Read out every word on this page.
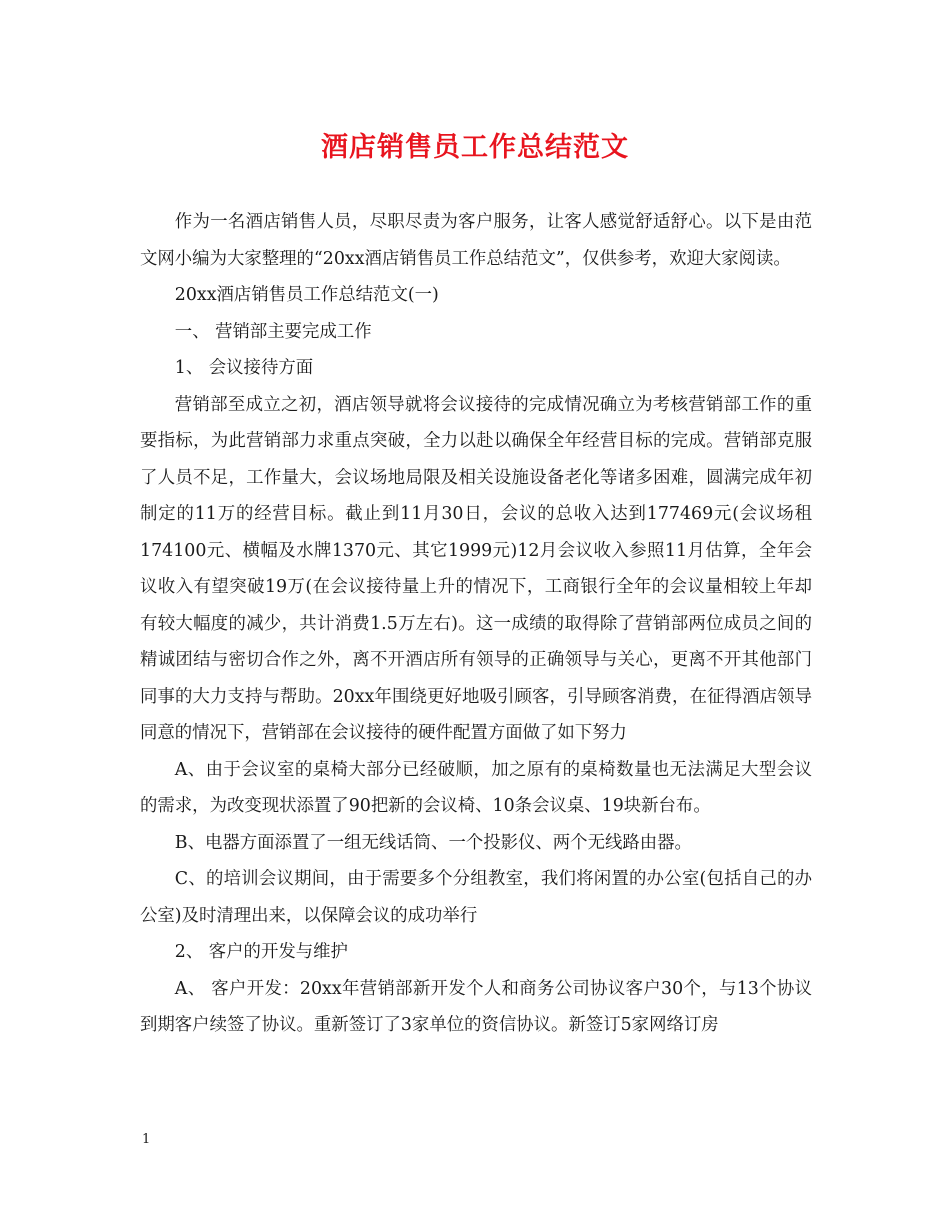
酒店销售员工作总结范文

作为一名酒店销售人员，尽职尽责为客户服务，让客人感觉舒适舒心。以下是由范文网小编为大家整理的“20xx酒店销售员工作总结范文”，仅供参考，欢迎大家阅读。

20xx酒店销售员工作总结范文(一)

一、 营销部主要完成工作

1、 会议接待方面

营销部至成立之初，酒店领导就将会议接待的完成情况确立为考核营销部工作的重要指标，为此营销部力求重点突破，全力以赴以确保全年经营目标的完成。营销部克服了人员不足，工作量大，会议场地局限及相关设施设备老化等诸多困难，圆满完成年初制定的11万的经营目标。截止到11月30日，会议的总收入达到177469元(会议场租174100元、横幅及水牌1370元、其它1999元)12月会议收入参照11月估算，全年会议收入有望突破19万(在会议接待量上升的情况下，工商银行全年的会议量相较上年却有较大幅度的减少，共计消费1.5万左右)。这一成绩的取得除了营销部两位成员之间的精诚团结与密切合作之外，离不开酒店所有领导的正确领导与关心，更离不开其他部门同事的大力支持与帮助。20xx年围绕更好地吸引顾客，引导顾客消费，在征得酒店领导同意的情况下，营销部在会议接待的硬件配置方面做了如下努力

A、由于会议室的桌椅大部分已经破顺，加之原有的桌椅数量也无法满足大型会议的需求，为改变现状添置了90把新的会议椅、10条会议桌、19块新台布。

B、电器方面添置了一组无线话筒、一个投影仪、两个无线路由器。

C、的培训会议期间，由于需要多个分组教室，我们将闲置的办公室(包括自己的办公室)及时清理出来，以保障会议的成功举行

2、 客户的开发与维护

A、 客户开发：20xx年营销部新开发个人和商务公司协议客户30个，与13个协议到期客户续签了协议。重新签订了3家单位的资信协议。新签订5家网络订房

1
